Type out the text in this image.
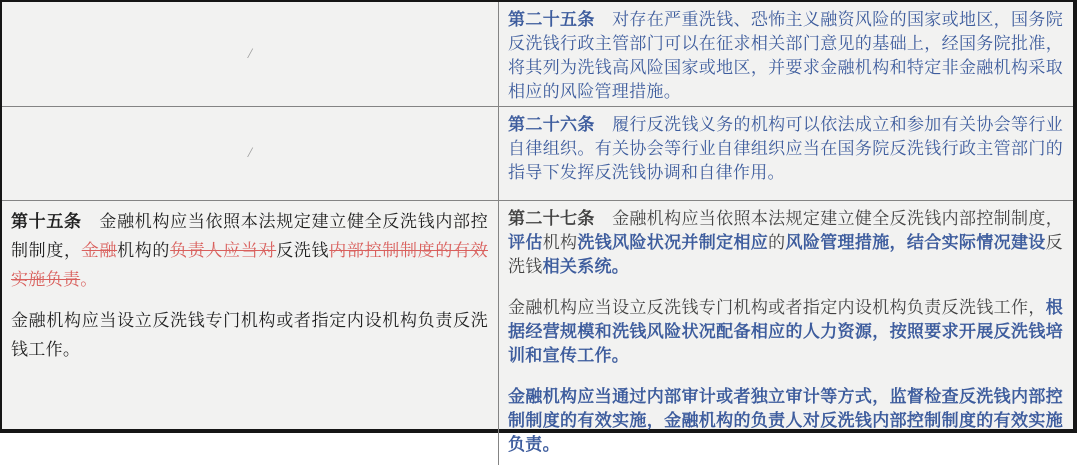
/

第二十五条　对存在严重洗钱、恐怖主义融资风险的国家或地区，国务院反洗钱行政主管部门可以在征求相关部门意见的基础上，经国务院批准，将其列为洗钱高风险国家或地区，并要求金融机构和特定非金融机构采取相应的风险管理措施。

/

第二十六条　履行反洗钱义务的机构可以依法成立和参加有关协会等行业自律组织。有关协会等行业自律组织应当在国务院反洗钱行政主管部门的指导下发挥反洗钱协调和自律作用。

第十五条　金融机构应当依照本法规定建立健全反洗钱内部控制制度，金融机构的负责人应当对反洗钱内部控制制度的有效实施负责。

金融机构应当设立反洗钱专门机构或者指定内设机构负责反洗钱工作。

第二十七条　金融机构应当依照本法规定建立健全反洗钱内部控制制度，评估机构洗钱风险状况并制定相应的风险管理措施，结合实际情况建设反洗钱相关系统。

金融机构应当设立反洗钱专门机构或者指定内设机构负责反洗钱工作，根据经营规模和洗钱风险状况配备相应的人力资源，按照要求开展反洗钱培训和宣传工作。

金融机构应当通过内部审计或者独立审计等方式，监督检查反洗钱内部控制制度的有效实施，金融机构的负责人对反洗钱内部控制制度的有效实施负责。
